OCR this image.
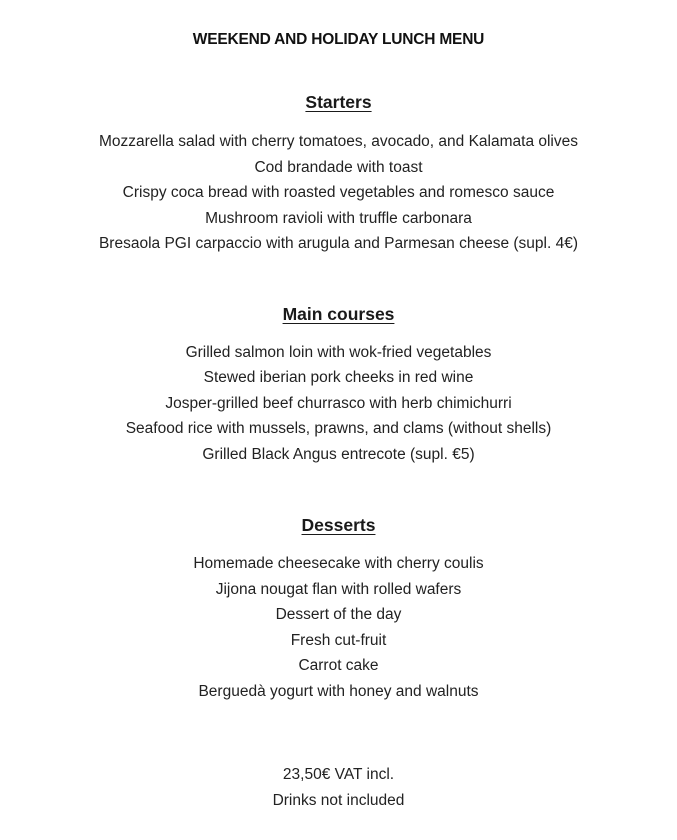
WEEKEND AND HOLIDAY LUNCH MENU
Starters
Mozzarella salad with cherry tomatoes, avocado, and Kalamata olives
Cod brandade with toast
Crispy coca bread with roasted vegetables and romesco sauce
Mushroom ravioli with truffle carbonara
Bresaola PGI carpaccio with arugula and Parmesan cheese (supl. 4€)
Main courses
Grilled salmon loin with wok-fried vegetables
Stewed iberian pork cheeks in red wine
Josper-grilled beef churrasco with herb chimichurri
Seafood rice with mussels, prawns, and clams (without shells)
Grilled Black Angus entrecote (supl. €5)
Desserts
Homemade cheesecake with cherry coulis
Jijona nougat flan with rolled wafers
Dessert of the day
Fresh cut-fruit
Carrot cake
Berguedà yogurt with honey and walnuts

23,50€ VAT incl.

Drinks not included
